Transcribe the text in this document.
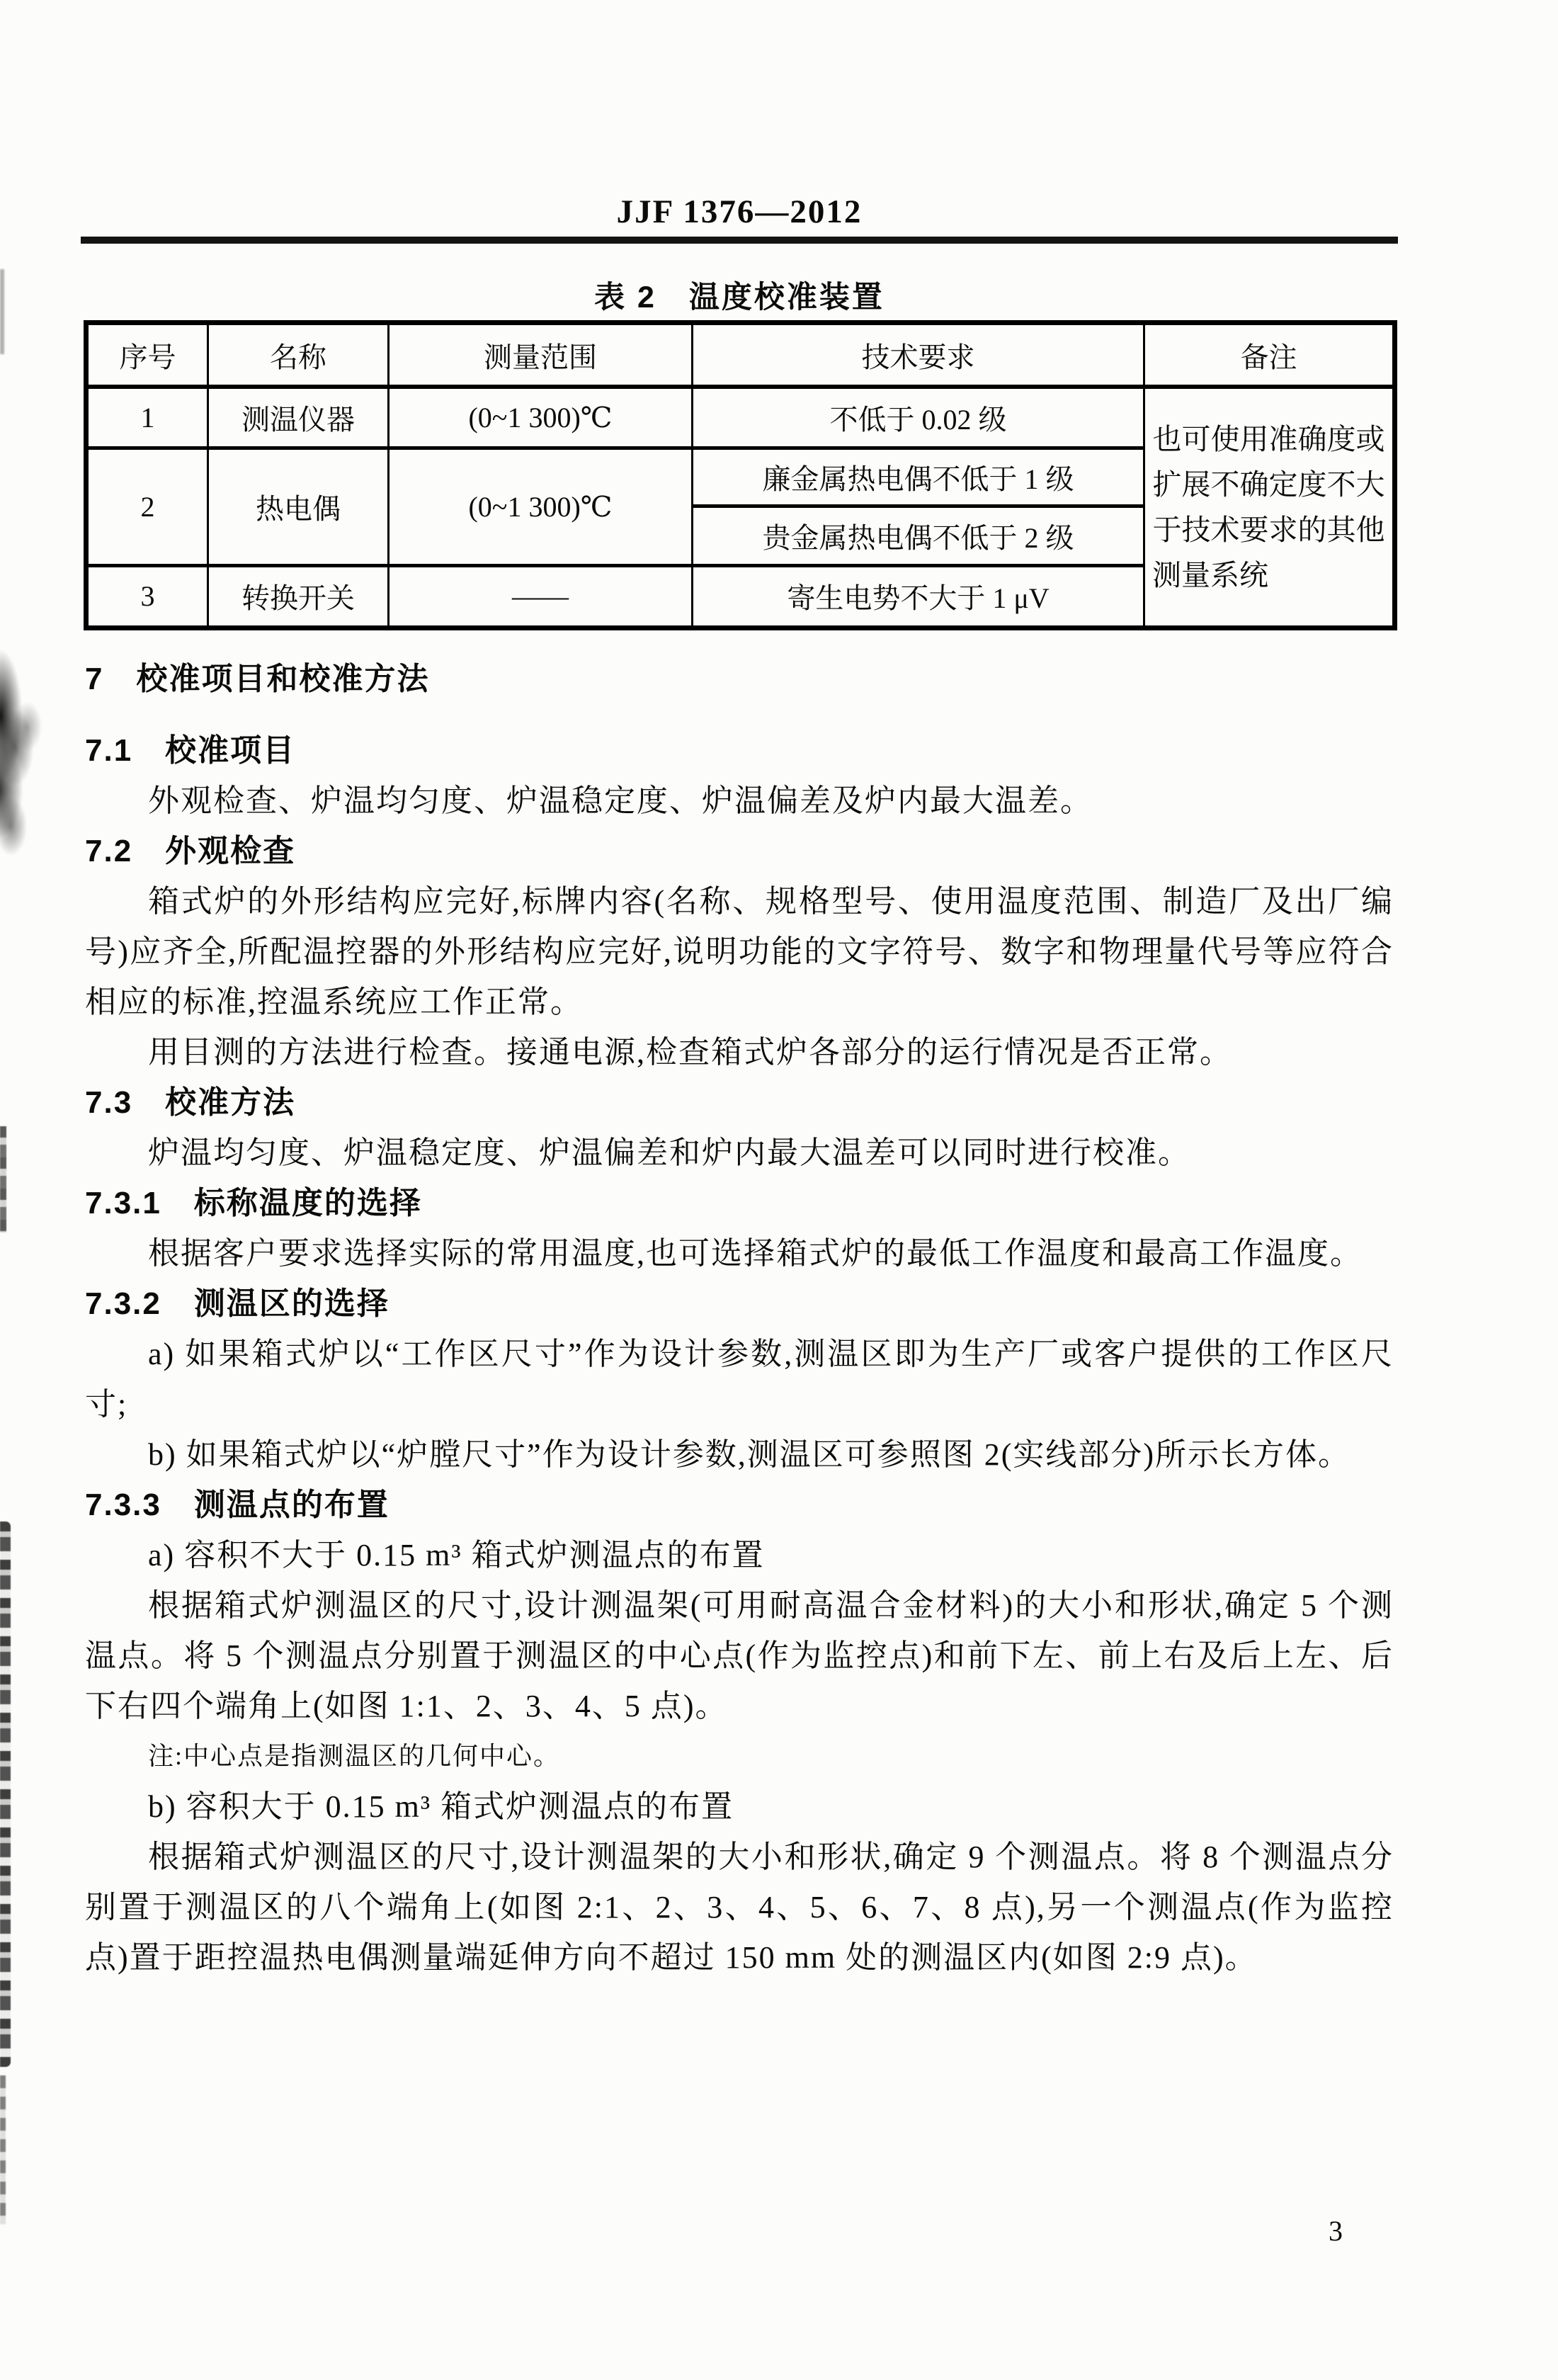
JJF 1376—2012
表 2　温度校准装置
序号	名称	测量范围	技术要求	备注
1	测温仪器	(0~1 300)℃	不低于 0.02 级	也可使用准确度或扩展不确定度不大于技术要求的其他测量系统
2	热电偶	(0~1 300)℃	廉金属热电偶不低于 1 级	
			贵金属热电偶不低于 2 级	
3	转换开关	——	寄生电势不大于 1 μV	

7　校准项目和校准方法

7.1　校准项目

外观检查、炉温均匀度、炉温稳定度、炉温偏差及炉内最大温差。

7.2　外观检查

箱式炉的外形结构应完好,标牌内容(名称、规格型号、使用温度范围、制造厂及出厂编号)应齐全,所配温控器的外形结构应完好,说明功能的文字符号、数字和物理量代号等应符合相应的标准,控温系统应工作正常。

用目测的方法进行检查。接通电源,检查箱式炉各部分的运行情况是否正常。

7.3　校准方法

炉温均匀度、炉温稳定度、炉温偏差和炉内最大温差可以同时进行校准。

7.3.1　标称温度的选择

根据客户要求选择实际的常用温度,也可选择箱式炉的最低工作温度和最高工作温度。

7.3.2　测温区的选择

a) 如果箱式炉以“工作区尺寸”作为设计参数,测温区即为生产厂或客户提供的工作区尺寸;

b) 如果箱式炉以“炉膛尺寸”作为设计参数,测温区可参照图 2(实线部分)所示长方体。

7.3.3　测温点的布置

a) 容积不大于 0.15 m³ 箱式炉测温点的布置

根据箱式炉测温区的尺寸,设计测温架(可用耐高温合金材料)的大小和形状,确定 5 个测温点。将 5 个测温点分别置于测温区的中心点(作为监控点)和前下左、前上右及后上左、后下右四个端角上(如图 1:1、2、3、4、5 点)。

注:中心点是指测温区的几何中心。

b) 容积大于 0.15 m³ 箱式炉测温点的布置

根据箱式炉测温区的尺寸,设计测温架的大小和形状,确定 9 个测温点。将 8 个测温点分别置于测温区的八个端角上(如图 2:1、2、3、4、5、6、7、8 点),另一个测温点(作为监控点)置于距控温热电偶测量端延伸方向不超过 150 mm 处的测温区内(如图 2:9 点)。

3
